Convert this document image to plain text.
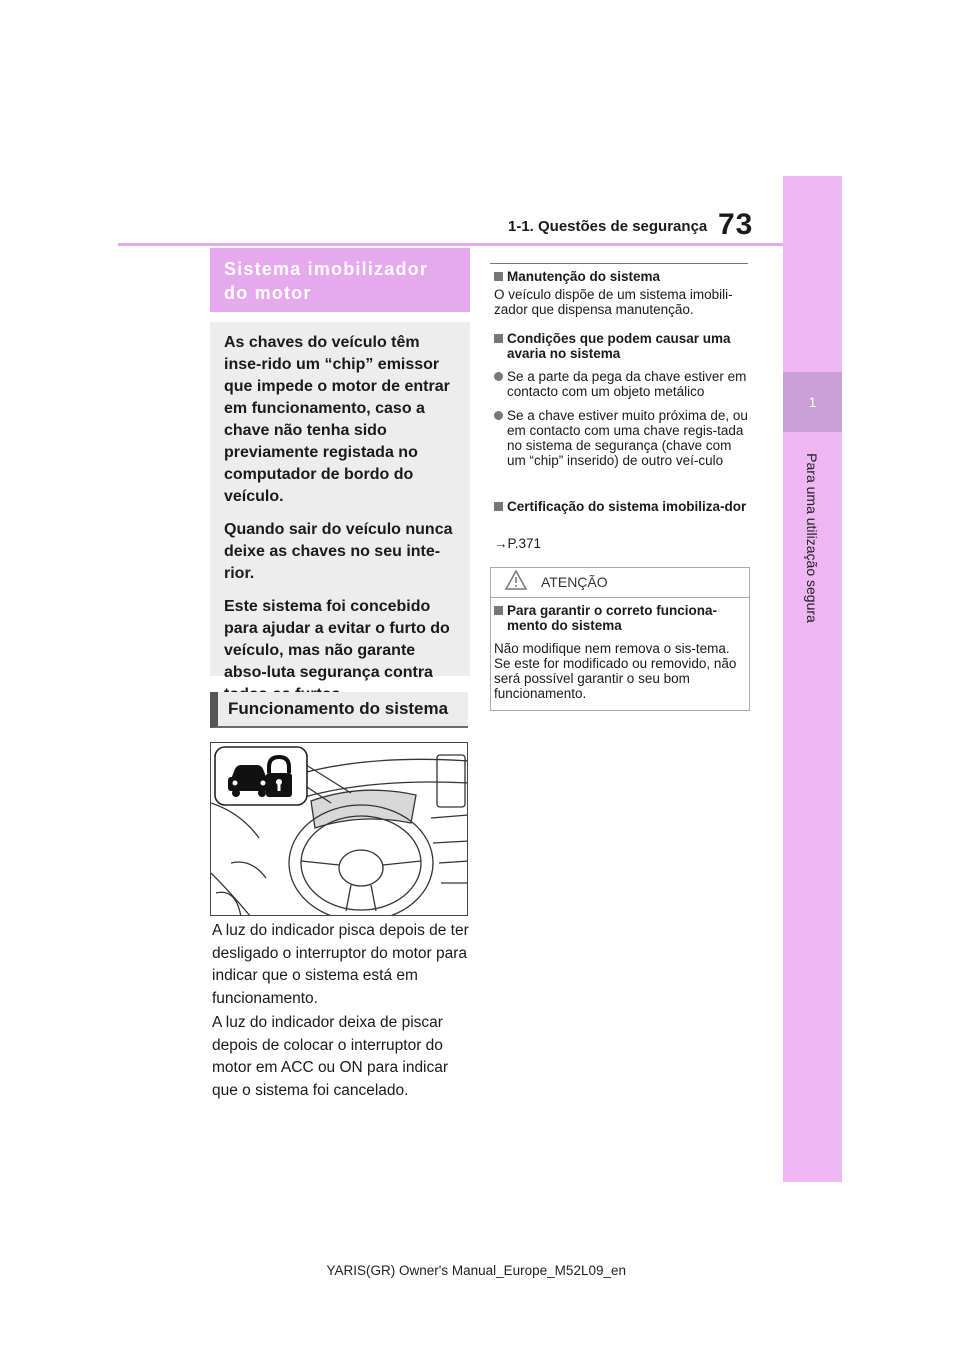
73
1-1. Questões de segurança
1
Para uma utilização segura
Sistema imobilizador do motor

As chaves do veículo têm inse-rido um “chip” emissor que impede o motor de entrar em funcionamento, caso a chave não tenha sido previamente registada no computador de bordo do veículo.

Quando sair do veículo nunca deixe as chaves no seu inte-rior.

Este sistema foi concebido para ajudar a evitar o furto do veículo, mas não garante abso-luta segurança contra

Funcionamento do sistema

A luz do indicador pisca depois de ter desligado o interruptor do motor para indicar que o sistema está em funcionamento.

A luz do indicador deixa de piscar depois de colocar o interruptor do motor em ACC ou ON para indicar que o sistema foi cancelado.

Manutenção do sistema

O veículo dispõe de um sistema imobili-zador que dispensa manutenção.

Condições que podem causar uma avaria no sistema

Se a parte da pega da chave estiver em contacto com um objeto metálico

Se a chave estiver muito próxima de, ou em contacto com uma chave regis-tada no sistema de segurança (chave com um “chip” inserido) de outro veí-culo

Certificação do sistema imobiliza-dor

→P.371

ATENÇÃO

Para garantir o correto funciona-mento do sistema

Não modifique nem remova o sis-tema. Se este for modificado ou removido, não será possível garantir o seu bom funcionamento.

YARIS(GR) Owner's Manual_Europe_M52L09_en
